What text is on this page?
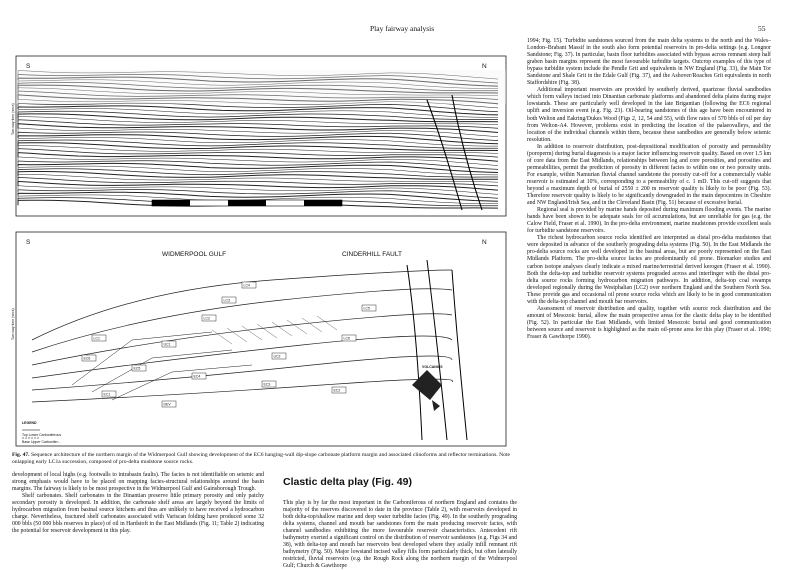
Play fairway analysis	55
S	N
Two way time (secs)
S	N
WIDMERPOOL GULF	CINDERHILL FAULT
Two way time (secs)
VOLCANICS
LC4
LC3
LC2
LC1
UC1
UC2
EC6
EC5
EC4
EC3
EC2
EC1
DEV
LC5
LC6
LEGEND
Top Lower Carboniferous
Base Upper Carbonifer...
Fig. 47. Sequence architecture of the northern margin of the Widmerpool Gulf showing development of the EC6 hanging-wall dip-slope carbonate platform margin and associated clinoforms and reflector terminations. Note onlapping early LC1a succession, composed of pro-delta mudstone source rocks.

1994; Fig. 15). Turbidite sandstones sourced from the main delta systems to the north and the Wales–London–Brabant Massif in the south also form potential reservoirs in pro-delta settings (e.g. Longnor Sandstone; Fig. 37). In particular, basin floor turbidites associated with bypass across remnant steep half graben basin margins represent the most favourable turbidite targets. Outcrop examples of this type of bypass turbidite system include the Pendle Grit and equivalents in NW England (Fig. 33), the Main Tor Sandstone and Shale Grit in the Edale Gulf (Fig. 37), and the Ashover/Roaches Grit equivalents in north Staffordshire (Fig. 38).

Additional important reservoirs are provided by southerly derived, quartzose fluvial sandbodies which form valleys incised into Dinantian carbonate platforms and abandoned delta plains during major lowstands. These are particularly well developed in the late Brigantian (following the EC6 regional uplift and inversion event (e.g. Fig. 23). Oil-bearing sandstones of this age have been encountered in both Welton and Eakring/Dukes Wood (Figs 2, 12, 54 and 55), with flow rates of 570 bbls of oil per day from Welton-A4. However, problems exist in predicting the location of the palaeovalleys, and the location of the individual channels within them, because these sandbodies are generally below seismic resolution.

In addition to reservoir distribution, post-depositional modification of porosity and permeability (poroperm) during burial diagenesis is a major factor influencing reservoir quality. Based on over 1.5 km of core data from the East Midlands, relationships between log and core porosities, and porosities and permeabilities, permit the prediction of porosity in different facies to within one or two porosity units. For example, within Namurian fluvial channel sandstone the porosity cut-off for a commercially viable reservoir is estimated at 10%, corresponding to a permeability of c. 1 mD. This cut-off suggests that beyond a maximum depth of burial of 2550 ± 200 m reservoir quality is likely to be poor (Fig. 53). Therefore reservoir quality is likely to be significantly downgraded in the main depocentres in Cheshire and NW England/Irish Sea, and in the Cleveland Basin (Fig. 51) because of excessive burial.

Regional seal is provided by marine bands deposited during maximum flooding events. The marine bands have been shown to be adequate seals for oil accumulations, but are unreliable for gas (e.g. the Calow Field, Fraser et al. 1990). In the pro-delta environment, marine mudstones provide excellent seals for turbidite sandstone reservoirs.

The richest hydrocarbon source rocks identified are interpreted as distal pro-delta mudstones that were deposited in advance of the southerly prograding delta systems (Fig. 50). In the East Midlands the pro-delta source rocks are well developed in the basinal areas, but are poorly represented on the East Midlands Platform. The pro-delta source facies are predominantly oil prone. Biomarker studies and carbon isotope analyses clearly indicate a mixed marine/terrestrial derived kerogen (Fraser et al. 1990). Both the delta-top and turbidite reservoir systems prograded across and interfinger with the distal pro-delta source rocks forming hydrocarbon migration pathways. In addition, delta-top coal swamps developed regionally during the Westphalian (LC2) over northern England and the Southern North Sea. These provide gas and occasional oil prone source rocks which are likely to be in good communication with the delta-top channel and mouth bar reservoirs.

Assessment of reservoir distribution and quality, together with source rock distribution and the amount of Mesozoic burial, allow the main prospective areas for the clastic delta play to be identified (Fig. 52). In particular the East Midlands, with limited Mesozoic burial and good communication between source and reservoir is highlighted as the main oil-prone area for this play (Fraser et al. 1990; Fraser & Gawthorpe 1990).

development of local highs (e.g. footwalls to intrabasin faults). The facies is not identifiable on seismic and strong emphasis would have to be placed on mapping facies-structural relationships around the basin margins. The fairway is likely to be most prospective in the Widmerpool Gulf and Gainsborough Trough.

Shelf carbonates. Shelf carbonates in the Dinantian preserve little primary porosity and only patchy secondary porosity is developed. In addition, the carbonate shelf areas are largely beyond the limits of hydrocarbon migration from basinal source kitchens and thus are unlikely to have received a hydrocarbon charge. Nevertheless, fractured shelf carbonates associated with Variscan folding have produced some 32 000 bbls (50 000 bbls reserves in place) of oil in Hardstoft in the East Midlands (Fig. 11; Table 2) indicating the potential for reservoir development in this play.

Clastic delta play (Fig. 49)

This play is by far the most important in the Carboniferous of northern England and contains the majority of the reserves discovered to date in the province (Table 2), with reservoirs developed in both delta-top/shallow marine and deep water turbidite facies (Fig. 49). In the southerly prograding delta systems, channel and mouth bar sandstones form the main producing reservoir facies, with channel sandbodies exhibiting the more favourable reservoir characteristics. Antecedent rift bathymetry exerted a significant control on the distribution of reservoir sandstones (e.g. Figs 34 and 38), with delta-top and mouth bar reservoirs best developed where they axially infill remnant rift bathymetry (Fig. 50). Major lowstand incised valley fills form particularly thick, but often laterally restricted, fluvial reservoirs (e.g. the Rough Rock along the northern margin of the Widmerpool Gulf; Church & Gawthorpe
